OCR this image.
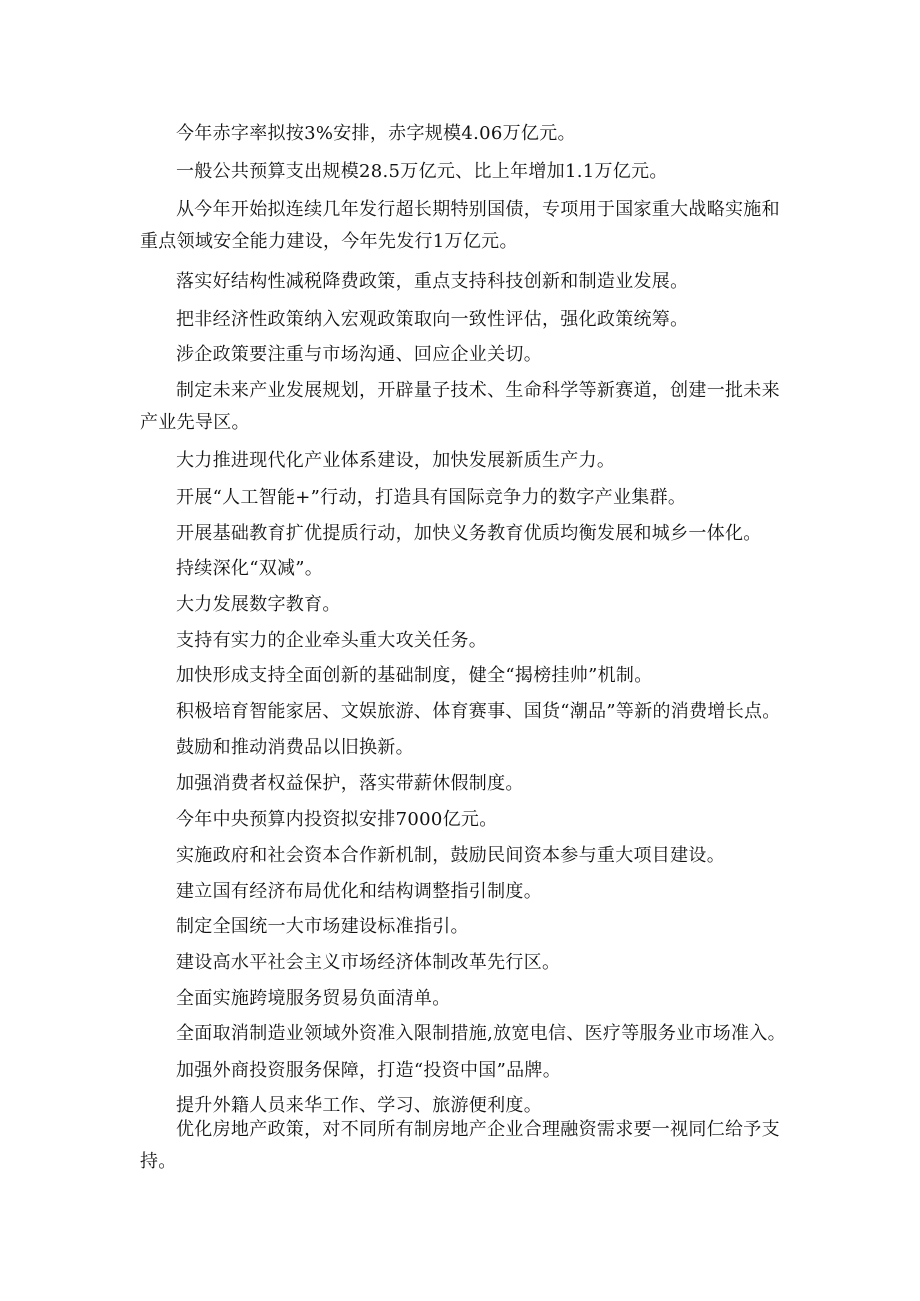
今年赤字率拟按3%安排，赤字规模4.06万亿元。

一般公共预算支出规模28.5万亿元、比上年增加1.1万亿元。

从今年开始拟连续几年发行超长期特别国债，专项用于国家重大战略实施和重点领域安全能力建设，今年先发行1万亿元。

落实好结构性减税降费政策，重点支持科技创新和制造业发展。

把非经济性政策纳入宏观政策取向一致性评估，强化政策统筹。

涉企政策要注重与市场沟通、回应企业关切。

制定未来产业发展规划，开辟量子技术、生命科学等新赛道，创建一批未来产业先导区。

大力推进现代化产业体系建设，加快发展新质生产力。

开展“人工智能+”行动，打造具有国际竞争力的数字产业集群。

开展基础教育扩优提质行动，加快义务教育优质均衡发展和城乡一体化。

持续深化“双减”。

大力发展数字教育。

支持有实力的企业牵头重大攻关任务。

加快形成支持全面创新的基础制度，健全“揭榜挂帅”机制。

积极培育智能家居、文娱旅游、体育赛事、国货“潮品”等新的消费增长点。

鼓励和推动消费品以旧换新。

加强消费者权益保护，落实带薪休假制度。

今年中央预算内投资拟安排7000亿元。

实施政府和社会资本合作新机制，鼓励民间资本参与重大项目建设。

建立国有经济布局优化和结构调整指引制度。

制定全国统一大市场建设标准指引。

建设高水平社会主义市场经济体制改革先行区。

全面实施跨境服务贸易负面清单。

全面取消制造业领域外资准入限制措施,放宽电信、医疗等服务业市场准入。

加强外商投资服务保障，打造“投资中国”品牌。

提升外籍人员来华工作、学习、旅游便利度。

优化房地产政策，对不同所有制房地产企业合理融资需求要一视同仁给予支持。
